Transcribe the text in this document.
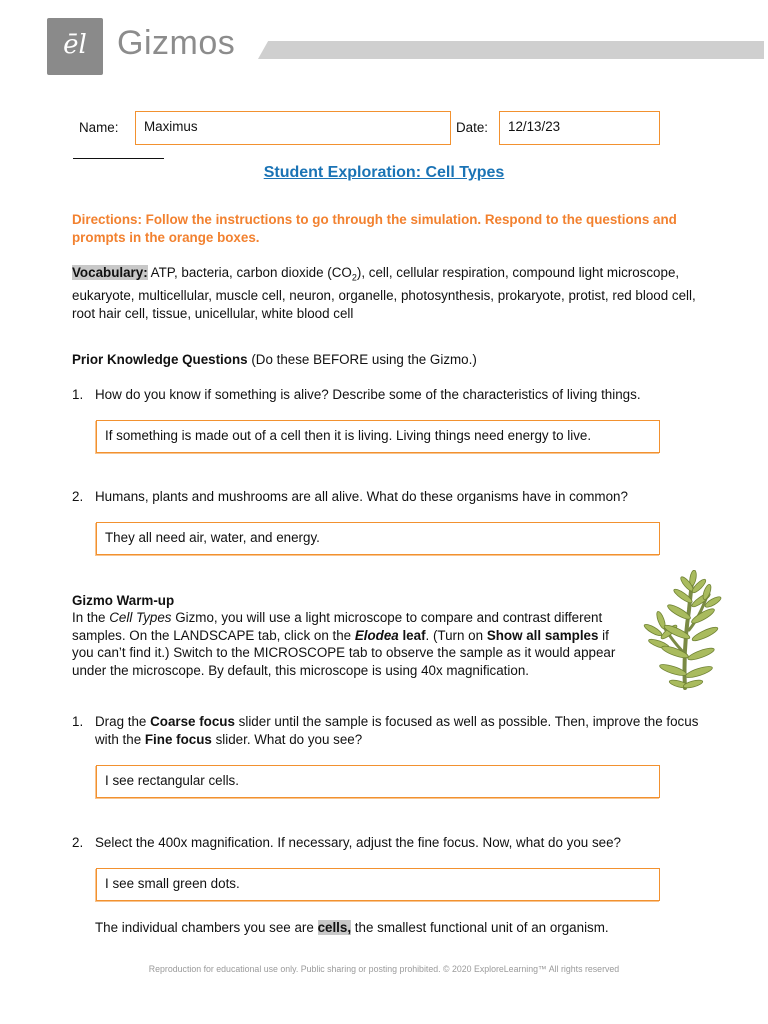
ēl Gizmos
Name: Maximus	Date: 12/13/23
Student Exploration: Cell Types
Directions: Follow the instructions to go through the simulation. Respond to the questions and prompts in the orange boxes.
Vocabulary: ATP, bacteria, carbon dioxide $(CO_2)$, cell, cellular respiration, compound light microscope, eukaryote, multicellular, muscle cell, neuron, organelle, photosynthesis, prokaryote, protist, red blood cell, root hair cell, tissue, unicellular, white blood cell
Prior Knowledge Questions (Do these BEFORE using the Gizmo.)
1. How do you know if something is alive? Describe some of the characteristics of living things.
If something is made out of a cell then it is living. Living things need energy to live.
2. Humans, plants and mushrooms are all alive. What do these organisms have in common?
They all need air, water, and energy.
Gizmo Warm-up
In the Cell Types Gizmo, you will use a light microscope to compare and contrast different samples. On the LANDSCAPE tab, click on the Elodea leaf. (Turn on Show all samples if you can’t find it.) Switch to the MICROSCOPE tab to observe the sample as it would appear under the microscope. By default, this microscope is using 40x magnification.
1. Drag the Coarse focus slider until the sample is focused as well as possible. Then, improve the focus with the Fine focus slider. What do you see?
I see rectangular cells.
2. Select the 400x magnification. If necessary, adjust the fine focus. Now, what do you see?
I see small green dots.
The individual chambers you see are cells, the smallest functional unit of an organism.
Reproduction for educational use only. Public sharing or posting prohibited. © 2020 ExploreLearning™ All rights reserved
